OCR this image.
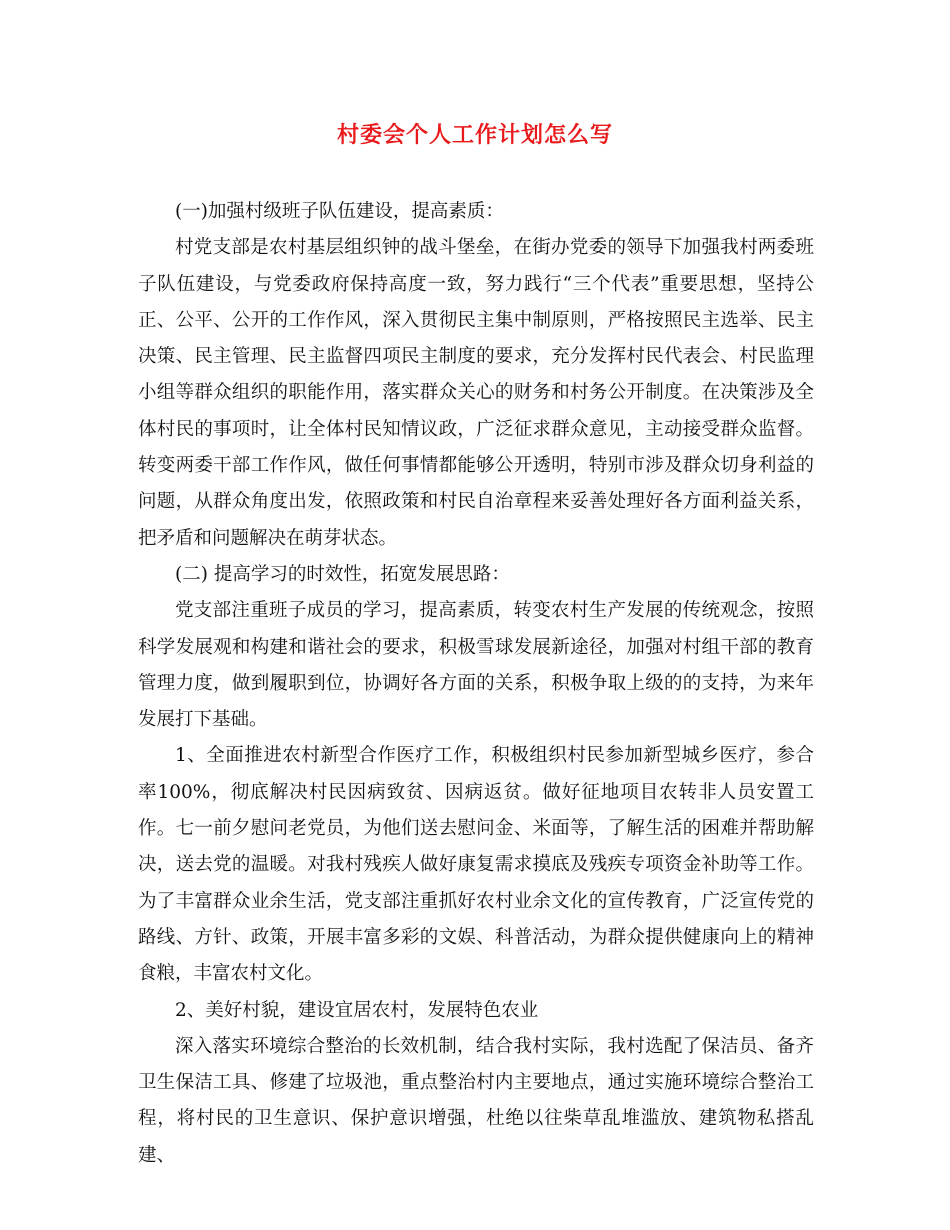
村委会个人工作计划怎么写

(一)加强村级班子队伍建设，提高素质：

村党支部是农村基层组织钟的战斗堡垒，在街办党委的领导下加强我村两委班子队伍建设，与党委政府保持高度一致，努力践行“三个代表”重要思想，坚持公正、公平、公开的工作作风，深入贯彻民主集中制原则，严格按照民主选举、民主决策、民主管理、民主监督四项民主制度的要求，充分发挥村民代表会、村民监理小组等群众组织的职能作用，落实群众关心的财务和村务公开制度。在决策涉及全体村民的事项时，让全体村民知情议政，广泛征求群众意见，主动接受群众监督。转变两委干部工作作风，做任何事情都能够公开透明，特别市涉及群众切身利益的问题，从群众角度出发，依照政策和村民自治章程来妥善处理好各方面利益关系，把矛盾和问题解决在萌芽状态。

(二) 提高学习的时效性，拓宽发展思路：

党支部注重班子成员的学习，提高素质，转变农村生产发展的传统观念，按照科学发展观和构建和谐社会的要求，积极雪球发展新途径，加强对村组干部的教育管理力度，做到履职到位，协调好各方面的关系，积极争取上级的的支持，为来年发展打下基础。

1、全面推进农村新型合作医疗工作，积极组织村民参加新型城乡医疗，参合率100%，彻底解决村民因病致贫、因病返贫。做好征地项目农转非人员安置工作。七一前夕慰问老党员，为他们送去慰问金、米面等，了解生活的困难并帮助解决，送去党的温暖。对我村残疾人做好康复需求摸底及残疾专项资金补助等工作。为了丰富群众业余生活，党支部注重抓好农村业余文化的宣传教育，广泛宣传党的路线、方针、政策，开展丰富多彩的文娱、科普活动，为群众提供健康向上的精神食粮，丰富农村文化。

2、美好村貌，建设宜居农村，发展特色农业

深入落实环境综合整治的长效机制，结合我村实际，我村选配了保洁员、备齐卫生保洁工具、修建了垃圾池，重点整治村内主要地点，通过实施环境综合整治工程，将村民的卫生意识、保护意识增强，杜绝以往柴草乱堆滥放、建筑物私搭乱建、
